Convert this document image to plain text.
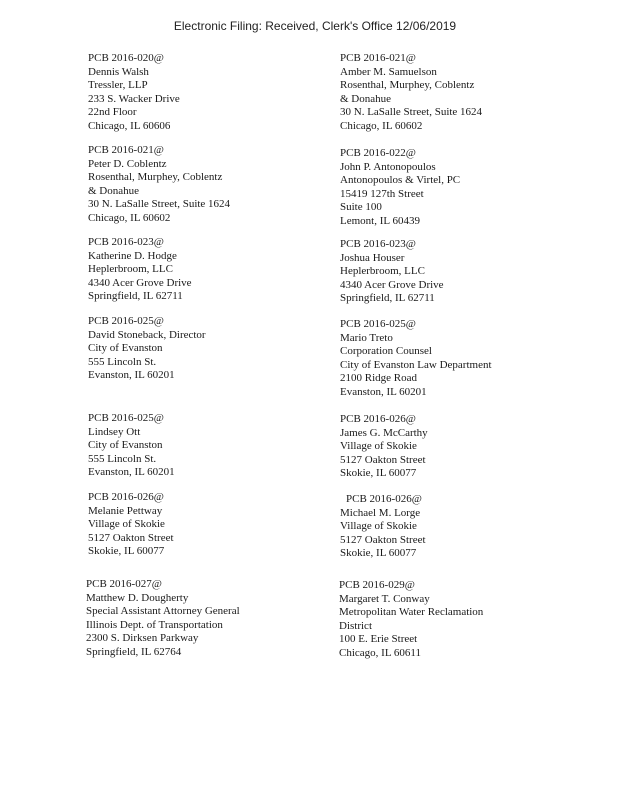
Electronic Filing: Received, Clerk's Office 12/06/2019
PCB 2016-020@
Dennis Walsh
Tressler, LLP
233 S. Wacker Drive
22nd Floor
Chicago, IL 60606
PCB 2016-021@
Peter D. Coblentz
Rosenthal, Murphey, Coblentz
& Donahue
30 N. LaSalle Street, Suite 1624
Chicago, IL 60602
PCB 2016-023@
Katherine D. Hodge
Heplerbroom, LLC
4340 Acer Grove Drive
Springfield, IL 62711
PCB 2016-025@
David Stoneback, Director
City of Evanston
555 Lincoln St.
Evanston, IL 60201
PCB 2016-025@
Lindsey Ott
City of Evanston
555 Lincoln St.
Evanston, IL 60201
PCB 2016-026@
Melanie Pettway
Village of Skokie
5127 Oakton Street
Skokie, IL 60077
PCB 2016-027@
Matthew D. Dougherty
Special Assistant Attorney General
Illinois Dept. of Transportation
2300 S. Dirksen Parkway
Springfield, IL 62764
PCB 2016-021@
Amber M. Samuelson
Rosenthal, Murphey, Coblentz
& Donahue
30 N. LaSalle Street, Suite 1624
Chicago, IL 60602
PCB 2016-022@
John P. Antonopoulos
Antonopoulos & Virtel, PC
15419 127th Street
Suite 100
Lemont, IL 60439
PCB 2016-023@
Joshua Houser
Heplerbroom, LLC
4340 Acer Grove Drive
Springfield, IL 62711
PCB 2016-025@
Mario Treto
Corporation Counsel
City of Evanston Law Department
2100 Ridge Road
Evanston, IL 60201
PCB 2016-026@
James G. McCarthy
Village of Skokie
5127 Oakton Street
Skokie, IL 60077
PCB 2016-026@
Michael M. Lorge
Village of Skokie
5127 Oakton Street
Skokie, IL 60077
PCB 2016-029@
Margaret T. Conway
Metropolitan Water Reclamation
District
100 E. Erie Street
Chicago, IL 60611
